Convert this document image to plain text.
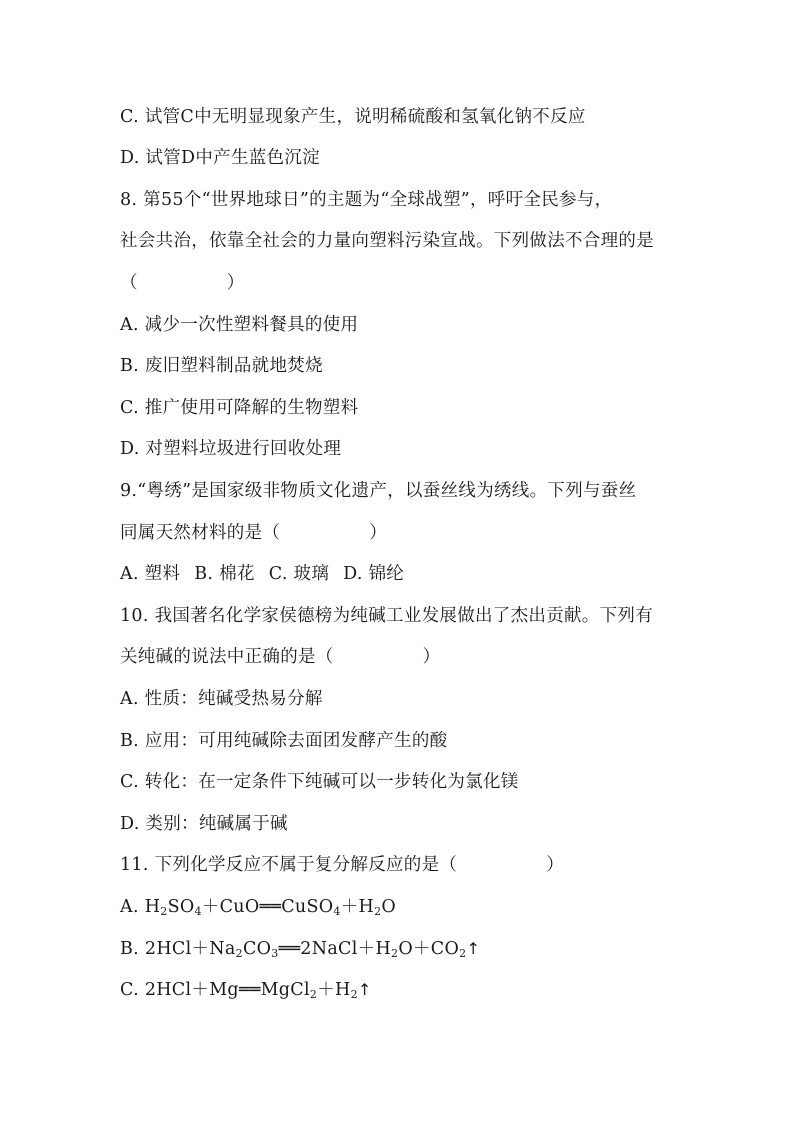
C. 试管C中无明显现象产生，说明稀硫酸和氢氧化钠不反应
D. 试管D中产生蓝色沉淀
8. 第55个“世界地球日”的主题为“全球战塑”，呼吁全民参与，
社会共治，依靠全社会的力量向塑料污染宣战。下列做法不合理的是
（　　　　　）
A. 减少一次性塑料餐具的使用
B. 废旧塑料制品就地焚烧
C. 推广使用可降解的生物塑料
D. 对塑料垃圾进行回收处理
9.“粤绣”是国家级非物质文化遗产，以蚕丝线为绣线。下列与蚕丝
同属天然材料的是（　　　　　）
A. 塑料 B. 棉花 C. 玻璃 D. 锦纶
10. 我国著名化学家侯德榜为纯碱工业发展做出了杰出贡献。下列有
关纯碱的说法中正确的是（　　　　　）
A. 性质：纯碱受热易分解
B. 应用：可用纯碱除去面团发酵产生的酸
C. 转化：在一定条件下纯碱可以一步转化为氯化镁
D. 类别：纯碱属于碱
11. 下列化学反应不属于复分解反应的是（　　　　　）
A. $H_2SO_4+CuO══CuSO_4+H_2O$
B. $2HCl+Na_2CO_3══2NaCl+H_2O+CO_2↑$
C. $2HCl+Mg══MgCl_2+H_2↑$
